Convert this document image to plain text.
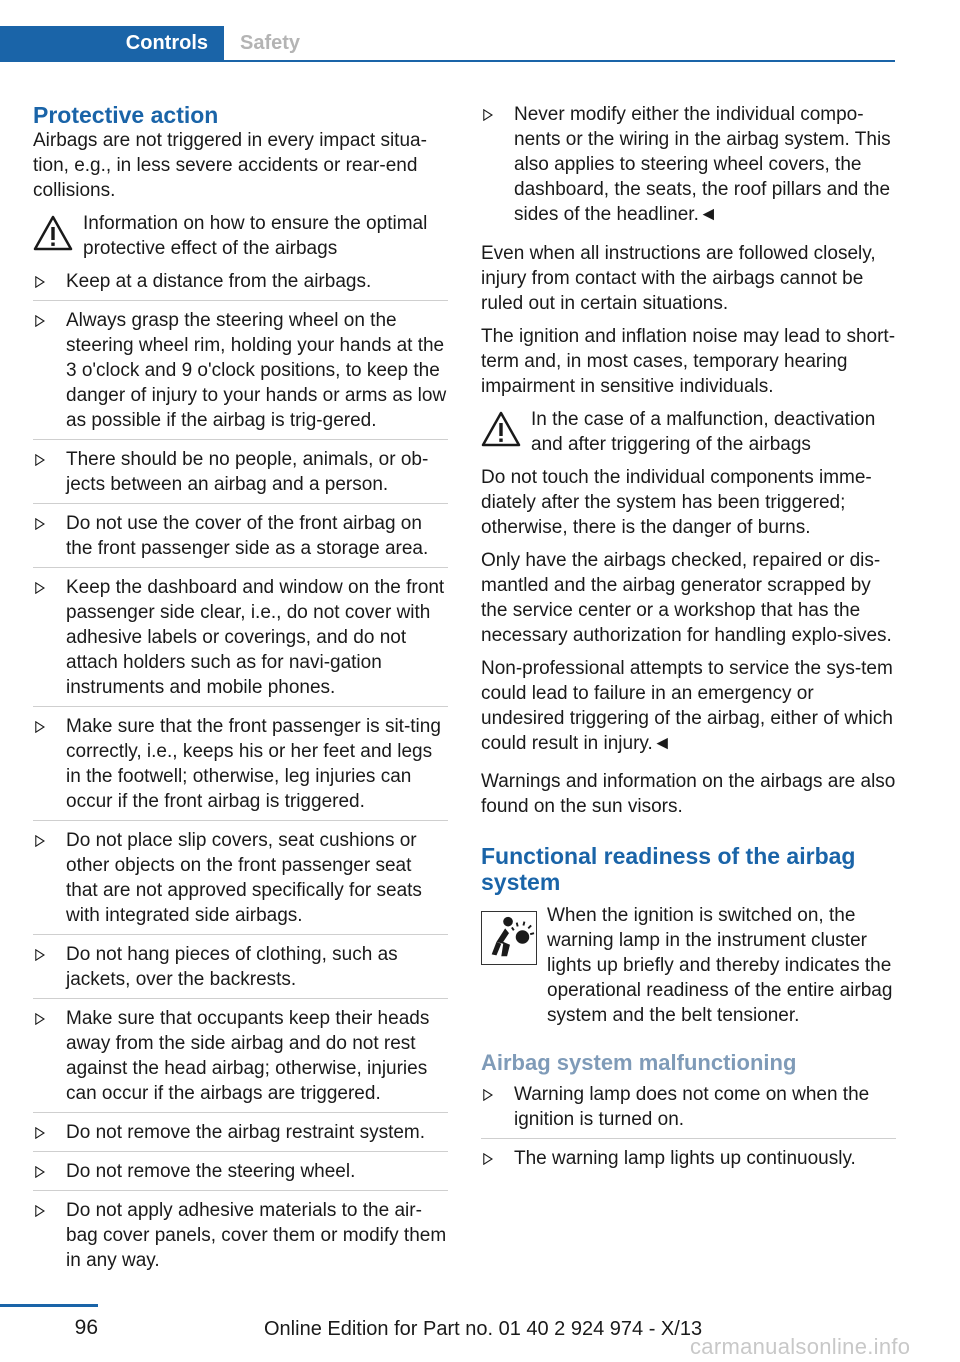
Controls	Safety
Protective action

Airbags are not triggered in every impact situa-tion, e.g., in less severe accidents or rear-end collisions.

Information on how to ensure the optimal protective effect of the airbags
Keep at a distance from the airbags.
Always grasp the steering wheel on the steering wheel rim, holding your hands at the 3 o'clock and 9 o'clock positions, to keep the danger of injury to your hands or arms as low as possible if the airbag is trig-gered.
There should be no people, animals, or ob-jects between an airbag and a person.
Do not use the cover of the front airbag on the front passenger side as a storage area.
Keep the dashboard and window on the front passenger side clear, i.e., do not cover with adhesive labels or coverings, and do not attach holders such as for navi-gation instruments and mobile phones.
Make sure that the front passenger is sit-ting correctly, i.e., keeps his or her feet and legs in the footwell; otherwise, leg injuries can occur if the front airbag is triggered.
Do not place slip covers, seat cushions or other objects on the front passenger seat that are not approved specifically for seats with integrated side airbags.
Do not hang pieces of clothing, such as jackets, over the backrests.
Make sure that occupants keep their heads away from the side airbag and do not rest against the head airbag; otherwise, injuries can occur if the airbags are triggered.
Do not remove the airbag restraint system.
Do not remove the steering wheel.
Do not apply adhesive materials to the air-bag cover panels, cover them or modify them in any way.
Never modify either the individual compo-nents or the wiring in the airbag system. This also applies to steering wheel covers, the dashboard, the seats, the roof pillars and the sides of the headliner.◄

Even when all instructions are followed closely, injury from contact with the airbags cannot be ruled out in certain situations.

The ignition and inflation noise may lead to short-term and, in most cases, temporary hearing impairment in sensitive individuals.

In the case of a malfunction, deactivation and after triggering of the airbags

Do not touch the individual components imme-diately after the system has been triggered; otherwise, there is the danger of burns.

Only have the airbags checked, repaired or dis-mantled and the airbag generator scrapped by the service center or a workshop that has the necessary authorization for handling explo-sives.

Non-professional attempts to service the sys-tem could lead to failure in an emergency or undesired triggering of the airbag, either of which could result in injury.◄

Warnings and information on the airbags are also found on the sun visors.

Functional readiness of the airbag system
When the ignition is switched on, the warning lamp in the instrument cluster lights up briefly and thereby indicates the operational readiness of the entire airbag system and the belt tensioner.
Airbag system malfunctioning
Warning lamp does not come on when the ignition is turned on.
The warning lamp lights up continuously.
96	Online Edition for Part no. 01 40 2 924 974 - X/13
carmanualsonline.info
